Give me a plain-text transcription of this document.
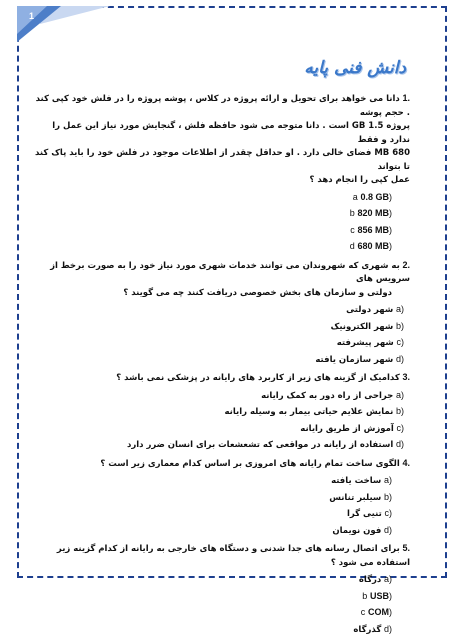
1
دانش فنی پایه
.1 دانا می خواهد برای تحویل و ارائه پروژه در کلاس ، پوشه پروژه را در فلش خود کپی کند . حجم پوشه
پروژه 1.5 GB است . دانا متوجه می شود حافظه فلش ، گنجایش مورد نیاز این عمل را ندارد و فقط
680 MB فضای خالی دارد . او حداقل چقدر از اطلاعات موجود در فلش خود را باید پاک کند تا بتواند
عمل کپی را انجام دهد ؟
(a 0.8 GB
(b 820 MB
(c 856 MB
(d 680 MB
.2 به شهری که شهروندان می توانند خدمات شهری مورد نیاز خود را به صورت برخط از سرویس های
دولتی و سازمان های بخش خصوصی دریافت کنند چه می گویند ؟
(a شهر دولتی
(b شهر الکترونیک
(c شهر پیشرفته
(d شهر سازمان یافته
.3 کدامیک از گزینه های زیر از کاربرد های رایانه در پزشکی نمی باشد ؟
(a جراحی از راه دور به کمک رایانه
(b نمایش علایم حیاتی بیمار به وسیله رایانه
(c آموزش از طریق رایانه
(d استفاده از رایانه در مواقعی که تشعشعات برای انسان ضرر دارد
.4 الگوی ساخت تمام رایانه های امروزی بر اساس کدام معماری زیر است ؟
(a ساخت یافته
(b سیلبر تنانس
(c تنیی گرا
(d فون نویمان
.5 برای اتصال رسانه های جدا شدنی و دستگاه های خارجی به رایانه از کدام گزینه زیر استفاده می شود ؟
(a درگاه
(b USB
(c COM
(d گذرگاه
